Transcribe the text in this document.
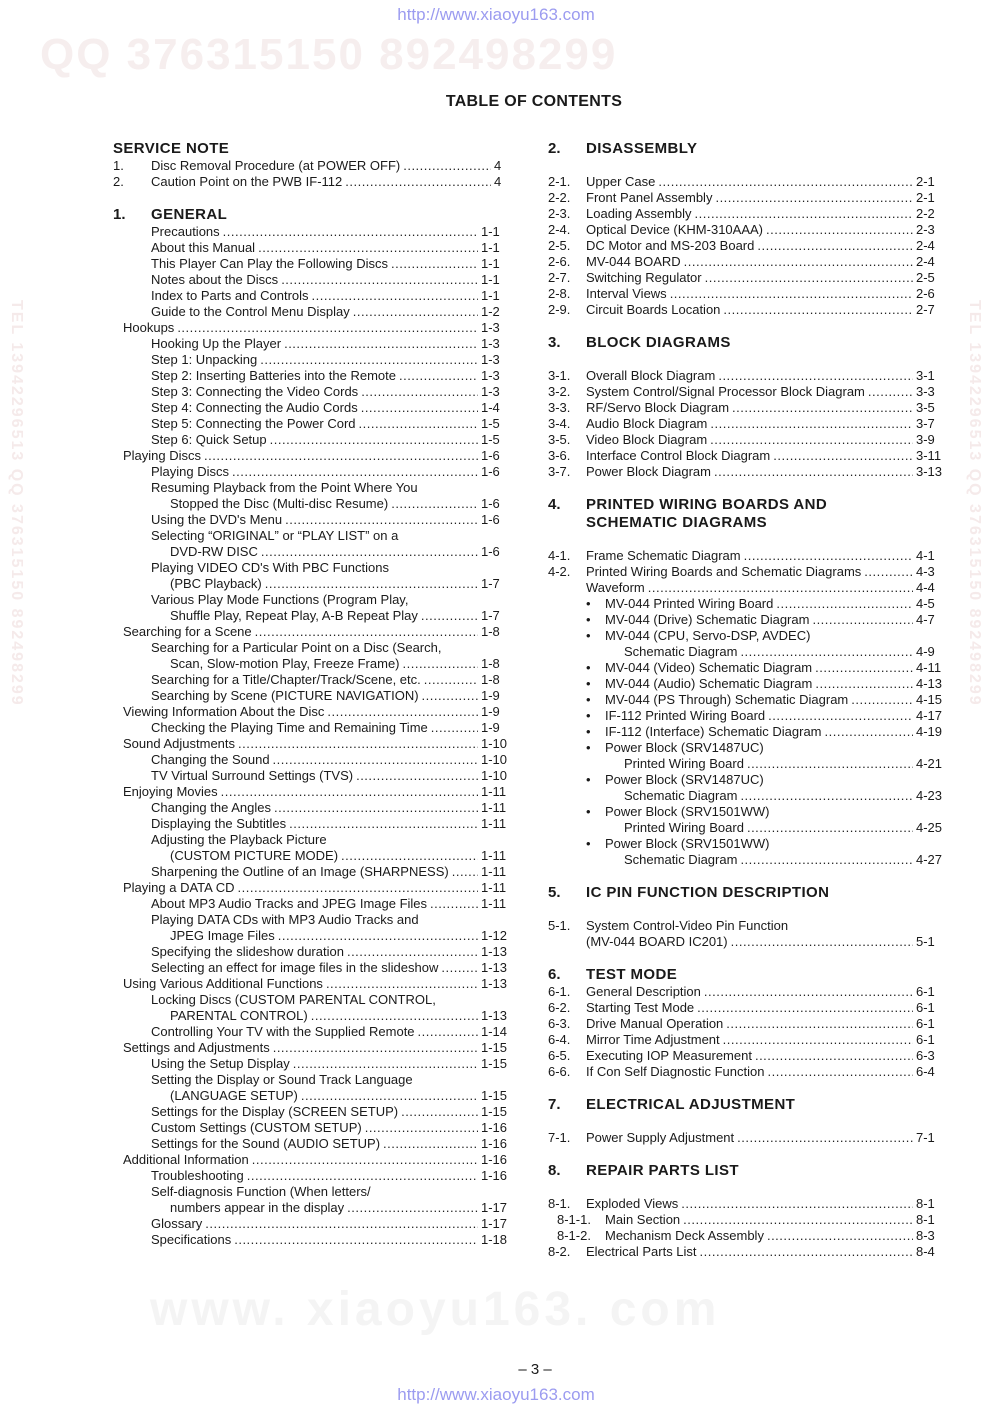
QQ 376315150 892498299
www. xiaoyu163. com
TEL 13942296513 QQ 376315150 892498299
TEL 13942296513 QQ 376315150 892498299
http://www.xiaoyu163.com
TABLE OF CONTENTS
SERVICE NOTE
1. Disc Removal Procedure (at POWER OFF) .....	4
2. Caution Point on the PWB IF-112 .....	4
1. GENERAL
Precautions .....	1-1
About this Manual .....	1-1
This Player Can Play the Following Discs .....	1-1
Notes about the Discs .....	1-1
Index to Parts and Controls .....	1-1
Guide to the Control Menu Display .....	1-2
Hookups .....	1-3
Hooking Up the Player .....	1-3
Step 1: Unpacking .....	1-3
Step 2: Inserting Batteries into the Remote .....	1-3
Step 3: Connecting the Video Cords .....	1-3
Step 4: Connecting the Audio Cords .....	1-4
Step 5: Connecting the Power Cord .....	1-5
Step 6: Quick Setup .....	1-5
Playing Discs .....	1-6
Playing Discs .....	1-6
Resuming Playback from the Point Where You
Stopped the Disc (Multi-disc Resume) .....	1-6
Using the DVD's Menu .....	1-6
Selecting “ORIGINAL” or “PLAY LIST” on a
DVD-RW DISC .....	1-6
Playing VIDEO CD's With PBC Functions
(PBC Playback) .....	1-7
Various Play Mode Functions (Program Play,
Shuffle Play, Repeat Play, A-B Repeat Play .....	1-7
Searching for a Scene .....	1-8
Searching for a Particular Point on a Disc (Search,
Scan, Slow-motion Play, Freeze Frame) .....	1-8
Searching for a Title/Chapter/Track/Scene, etc. .....	1-8
Searching by Scene (PICTURE NAVIGATION) .....	1-9
Viewing Information About the Disc .....	1-9
Checking the Playing Time and Remaining Time .....	1-9
Sound Adjustments .....	1-10
Changing the Sound .....	1-10
TV Virtual Surround Settings (TVS) .....	1-10
Enjoying Movies .....	1-11
Changing the Angles .....	1-11
Displaying the Subtitles .....	1-11
Adjusting the Playback Picture
(CUSTOM PICTURE MODE) .....	1-11
Sharpening the Outline of an Image (SHARPNESS) ..... 1-11
Playing a DATA CD .....	1-11
About MP3 Audio Tracks and JPEG Image Files .....	1-11
Playing DATA CDs with MP3 Audio Tracks and
JPEG Image Files .....	1-12
Specifying the slideshow duration .....	1-13
Selecting an effect for image files in the slideshow .....	1-13
Using Various Additional Functions .....	1-13
Locking Discs (CUSTOM PARENTAL CONTROL,
PARENTAL CONTROL) .....	1-13
Controlling Your TV with the Supplied Remote .....	1-14
Settings and Adjustments .....	1-15
Using the Setup Display .....	1-15
Setting the Display or Sound Track Language
(LANGUAGE SETUP) .....	1-15
Settings for the Display (SCREEN SETUP) .....	1-15
Custom Settings (CUSTOM SETUP) .....	1-16
Settings for the Sound (AUDIO SETUP) .....	1-16
Additional Information .....	1-16
Troubleshooting .....	1-16
Self-diagnosis Function (When letters/
numbers appear in the display .....	1-17
Glossary .....	1-17
Specifications .....	1-18
2. DISASSEMBLY
2-1. Upper Case .....	2-1
2-2. Front Panel Assembly .....	2-1
2-3. Loading Assembly .....	2-2
2-4. Optical Device (KHM-310AAA) .....	2-3
2-5. DC Motor and MS-203 Board .....	2-4
2-6. MV-044 BOARD .....	2-4
2-7. Switching Regulator .....	2-5
2-8. Interval Views .....	2-6
2-9. Circuit Boards Location .....	2-7
3. BLOCK DIAGRAMS
3-1. Overall Block Diagram .....	3-1
3-2. System Control/Signal Processor Block Diagram .....	3-3
3-3. RF/Servo Block Diagram .....	3-5
3-4. Audio Block Diagram .....	3-7
3-5. Video Block Diagram .....	3-9
3-6. Interface Control Block Diagram .....	3-11
3-7. Power Block Diagram .....	3-13
4. PRINTED WIRING BOARDS AND
SCHEMATIC DIAGRAMS
4-1. Frame Schematic Diagram .....	4-1
4-2. Printed Wiring Boards and Schematic Diagrams .....	4-3
Waveform .....	4-4
• MV-044 Printed Wiring Board .....	4-5
• MV-044 (Drive) Schematic Diagram .....	4-7
• MV-044 (CPU, Servo-DSP, AVDEC)
Schematic Diagram .....	4-9
• MV-044 (Video) Schematic Diagram .....	4-11
• MV-044 (Audio) Schematic Diagram .....	4-13
• MV-044 (PS Through) Schematic Diagram .....	4-15
• IF-112 Printed Wiring Board .....	4-17
• IF-112 (Interface) Schematic Diagram .....	4-19
• Power Block (SRV1487UC)
Printed Wiring Board .....	4-21
• Power Block (SRV1487UC)
Schematic Diagram .....	4-23
• Power Block (SRV1501WW)
Printed Wiring Board .....	4-25
• Power Block (SRV1501WW)
Schematic Diagram .....	4-27
5. IC PIN FUNCTION DESCRIPTION
5-1. System Control-Video Pin Function
(MV-044 BOARD IC201) .....	5-1
6. TEST MODE
6-1. General Description .....	6-1
6-2. Starting Test Mode .....	6-1
6-3. Drive Manual Operation .....	6-1
6-4. Mirror Time Adjustment .....	6-1
6-5. Executing IOP Measurement .....	6-3
6-6. If Con Self Diagnostic Function .....	6-4
7. ELECTRICAL ADJUSTMENT
7-1. Power Supply Adjustment .....	7-1
8. REPAIR PARTS LIST
8-1. Exploded Views .....	8-1
8-1-1. Main Section .....	8-1
8-1-2. Mechanism Deck Assembly .....	8-3
8-2. Electrical Parts List .....	8-4
– 3 –
http://www.xiaoyu163.com
